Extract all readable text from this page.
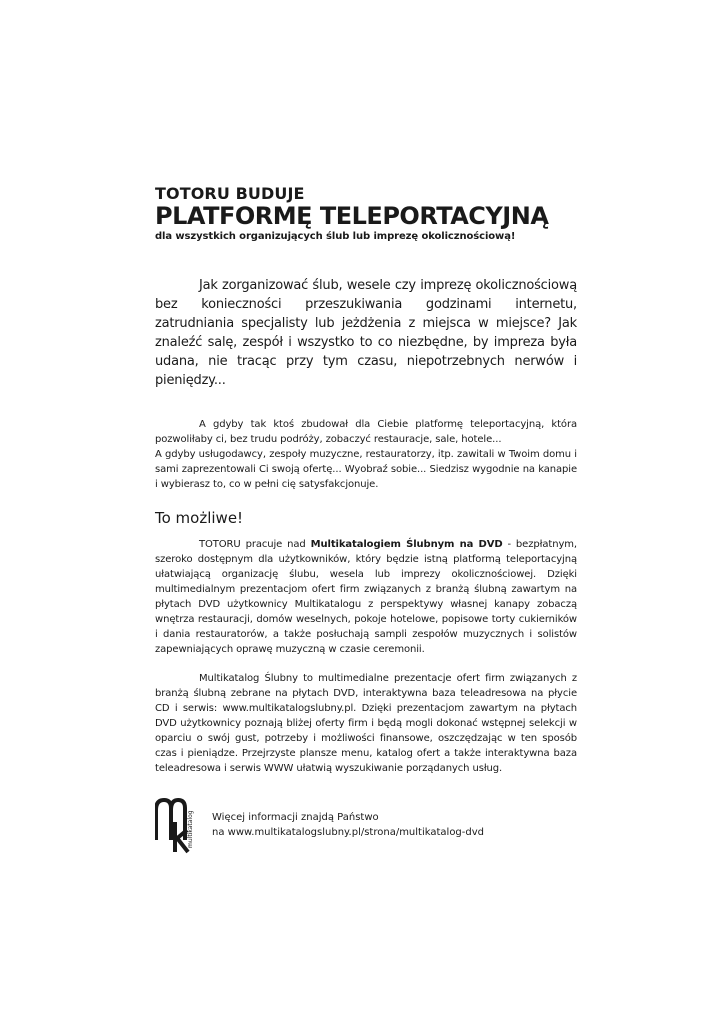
TOTORU BUDUJE

PLATFORMĘ TELEPORTACYJNĄ

dla wszystkich organizujących ślub lub imprezę okolicznościową!

Jak zorganizować ślub, wesele czy imprezę okolicznościową bez konieczności przeszukiwania godzinami internetu, zatrudniania specjalisty lub jeżdżenia z miejsca w miejsce? Jak znaleźć salę, zespół i wszystko to co niezbędne, by impreza była udana, nie tracąc przy tym czasu, niepotrzebnych nerwów i pieniędzy...

A gdyby tak ktoś zbudował dla Ciebie platformę teleportacyjną, która pozwoliłaby ci, bez trudu podróży, zobaczyć restauracje, sale, hotele...

A gdyby usługodawcy, zespoły muzyczne, restauratorzy, itp. zawitali w Twoim domu i sami zaprezentowali Ci swoją ofertę... Wyobraź sobie... Siedzisz wygodnie na kanapie i wybierasz to, co w pełni cię satysfakcjonuje.

To możliwe!

TOTORU pracuje nad Multikatalogiem Ślubnym na DVD - bezpłatnym, szeroko dostępnym dla użytkowników, który będzie istną platformą teleportacyjną ułatwiającą organizację ślubu, wesela lub imprezy okolicznościowej. Dzięki multimedialnym prezentacjom ofert firm związanych z branżą ślubną zawartym na płytach DVD użytkownicy Multikatalogu z perspektywy własnej kanapy zobaczą wnętrza restauracji, domów weselnych, pokoje hotelowe, popisowe torty cukierników i dania restauratorów, a także posłuchają sampli zespołów muzycznych i solistów zapewniających oprawę muzyczną w czasie ceremonii.

Multikatalog Ślubny to multimedialne prezentacje ofert firm związanych z branżą ślubną zebrane na płytach DVD, interaktywna baza teleadresowa na płycie CD i serwis: www.multikatalogslubny.pl. Dzięki prezentacjom zawartym na płytach DVD użytkownicy poznają bliżej oferty firm i będą mogli dokonać wstępnej selekcji w oparciu o swój gust, potrzeby i możliwości finansowe, oszczędzając w ten sposób czas i pieniądze. Przejrzyste plansze menu, katalog ofert a także interaktywna baza teleadresowa i serwis WWW ułatwią wyszukiwanie porządanych usług.

multikatalog Więcej informacji znajdą Państwo
na www.multikatalogslubny.pl/strona/multikatalog-dvd
